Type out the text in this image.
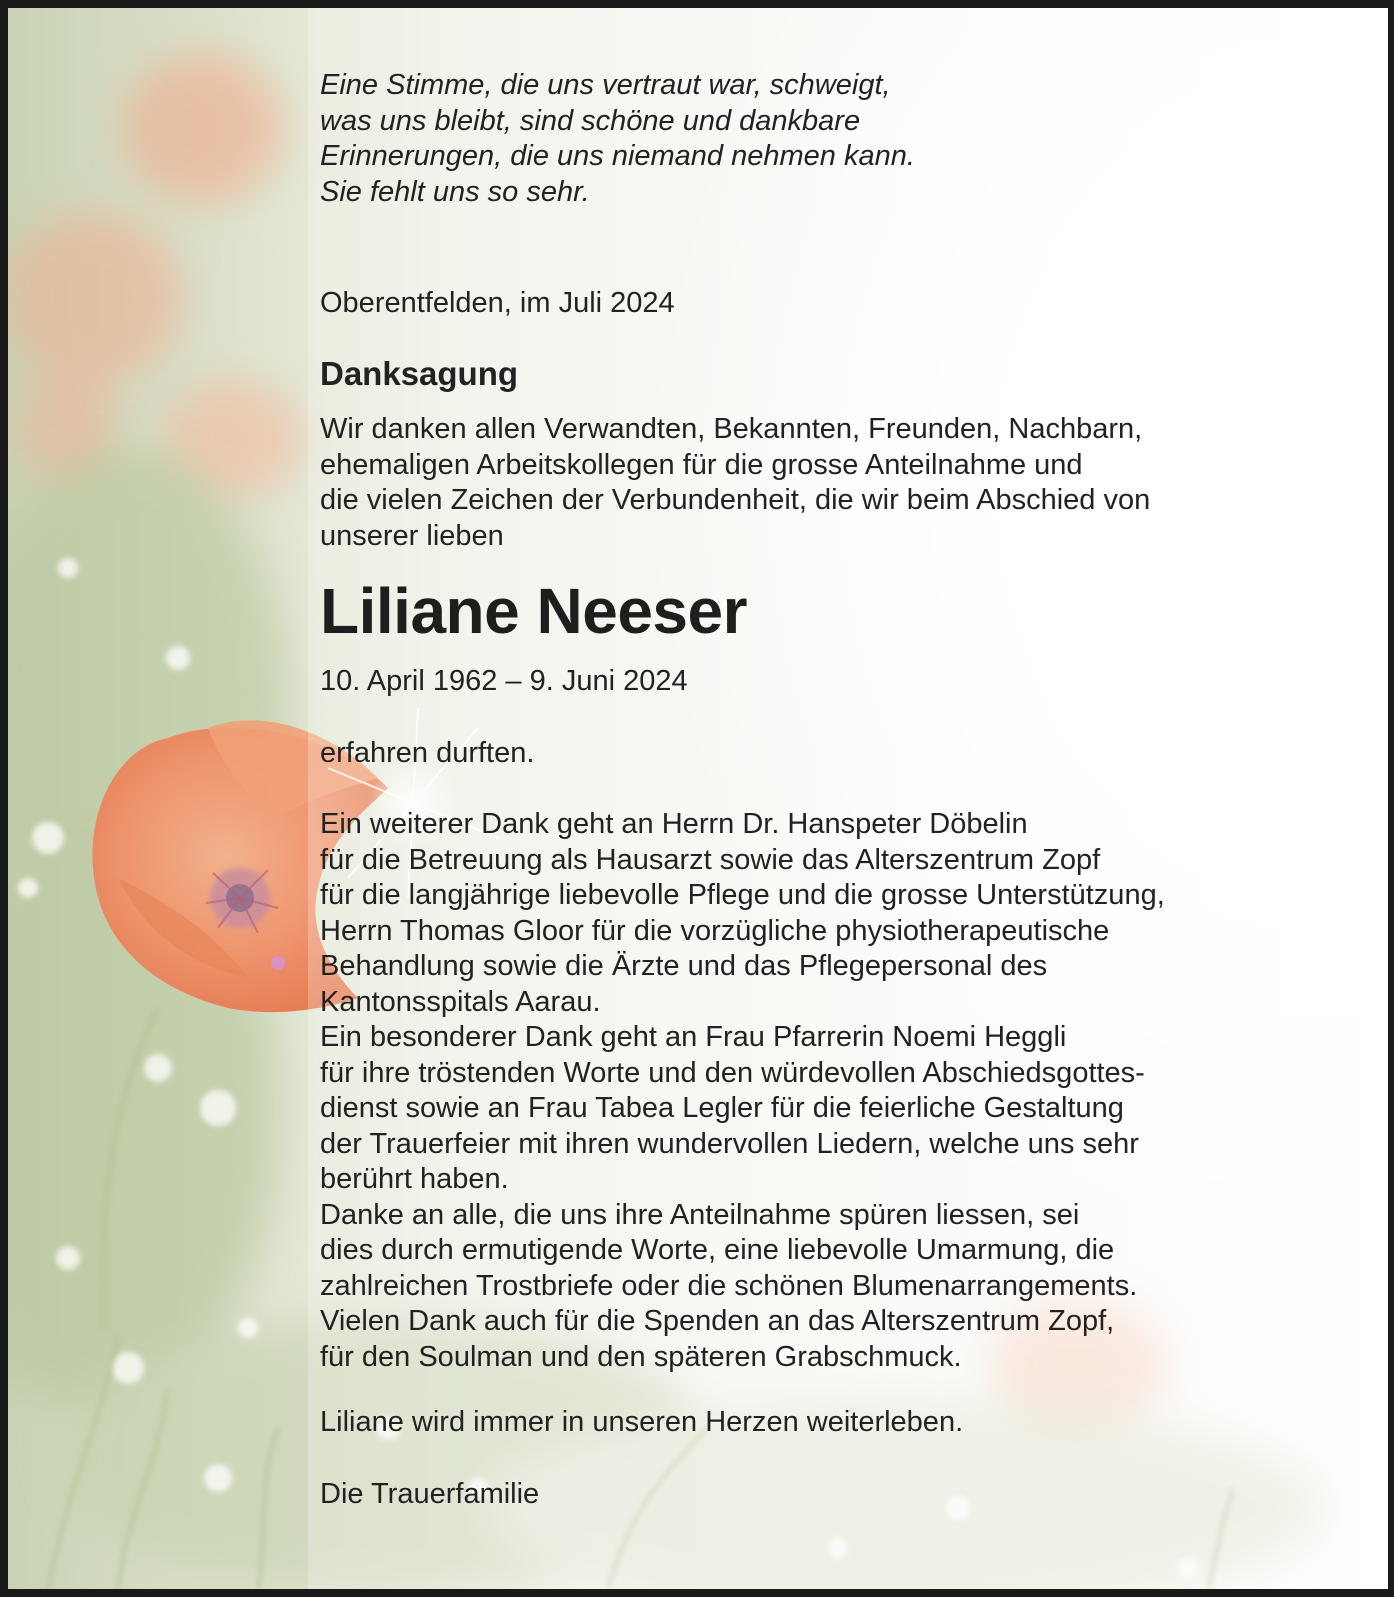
Eine Stimme, die uns vertraut war, schweigt,
was uns bleibt, sind schöne und dankbare
Erinnerungen, die uns niemand nehmen kann.
Sie fehlt uns so sehr.

Oberentfelden, im Juli 2024

Danksagung

Wir danken allen Verwandten, Bekannten, Freunden, Nachbarn,
ehemaligen Arbeitskollegen für die grosse Anteilnahme und
die vielen Zeichen der Verbundenheit, die wir beim Abschied von
unserer lieben

Liliane Neeser

10. April 1962 – 9. Juni 2024

erfahren durften.

Ein weiterer Dank geht an Herrn Dr. Hanspeter Döbelin
für die Betreuung als Hausarzt sowie das Alterszentrum Zopf
für die langjährige liebevolle Pflege und die grosse Unterstützung,
Herrn Thomas Gloor für die vorzügliche physiotherapeutische
Behandlung sowie die Ärzte und das Pflegepersonal des
Kantonsspitals Aarau.
Ein besonderer Dank geht an Frau Pfarrerin Noemi Heggli
für ihre tröstenden Worte und den würdevollen Abschiedsgottes-
dienst sowie an Frau Tabea Legler für die feierliche Gestaltung
der Trauerfeier mit ihren wundervollen Liedern, welche uns sehr
berührt haben.
Danke an alle, die uns ihre Anteilnahme spüren liessen, sei
dies durch ermutigende Worte, eine liebevolle Umarmung, die
zahlreichen Trostbriefe oder die schönen Blumenarrangements.
Vielen Dank auch für die Spenden an das Alterszentrum Zopf,
für den Soulman und den späteren Grabschmuck.

Liliane wird immer in unseren Herzen weiterleben.

Die Trauerfamilie
